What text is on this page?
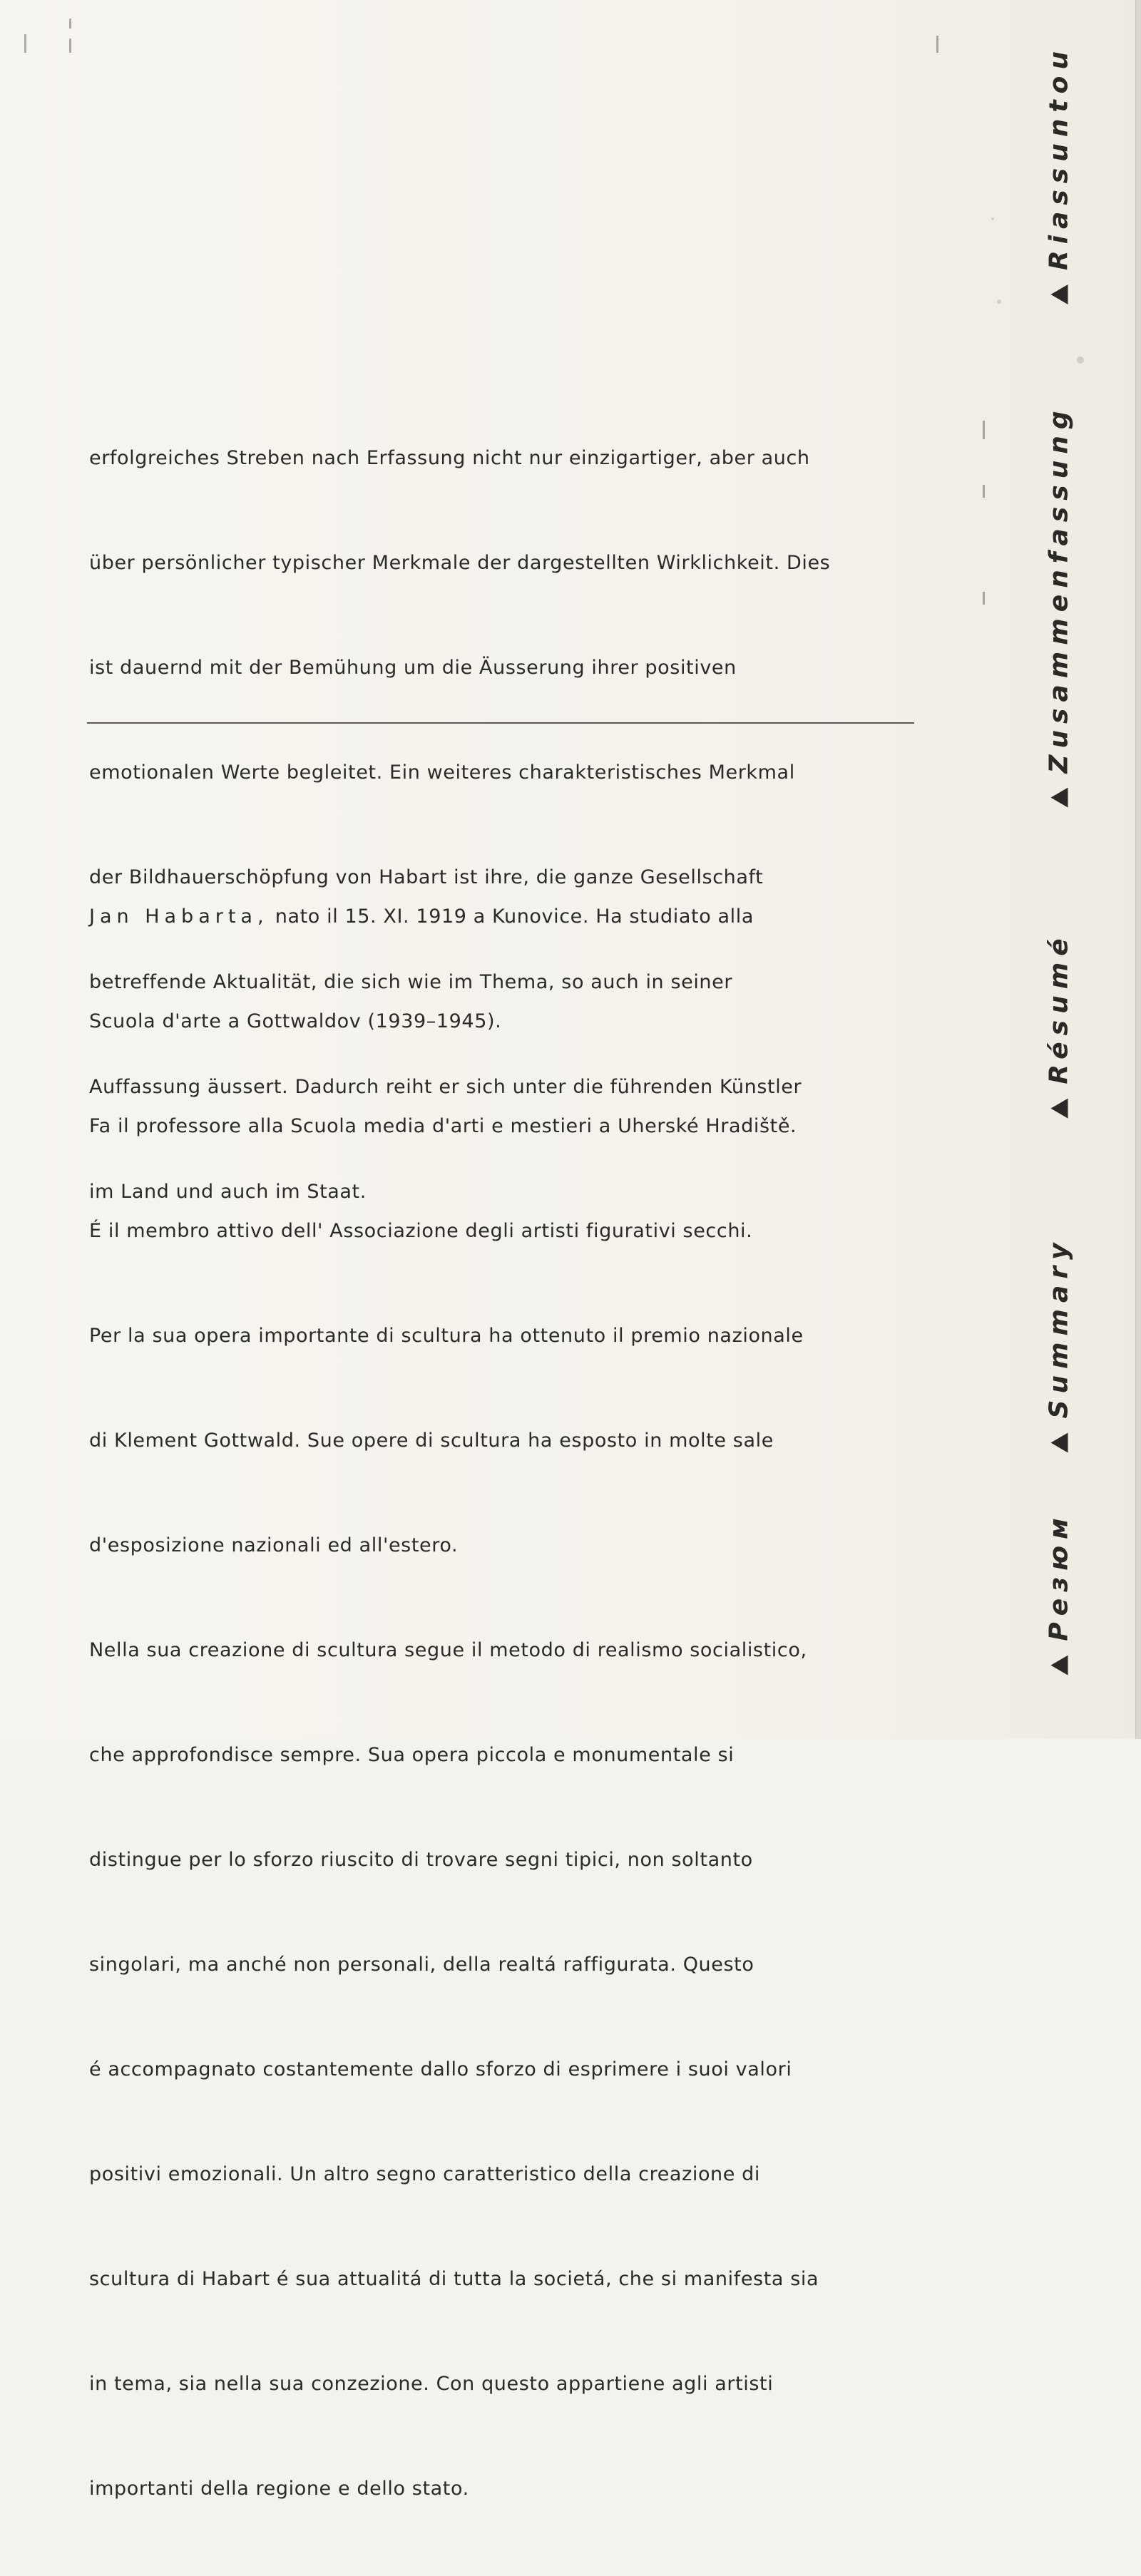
erfolgreiches Streben nach Erfassung nicht nur einzigartiger, aber auch

über persönlicher typischer Merkmale der dargestellten Wirklichkeit. Dies

ist dauernd mit der Bemühung um die Äusserung ihrer positiven

emotionalen Werte begleitet. Ein weiteres charakteristisches Merkmal

der Bildhauerschöpfung von Habart ist ihre, die ganze Gesellschaft

betreffende Aktualität, die sich wie im Thema, so auch in seiner

Auffassung äussert. Dadurch reiht er sich unter die führenden Künstler

im Land und auch im Staat.

Jan Habarta, nato il 15. XI. 1919 a Kunovice. Ha studiato alla

Scuola d'arte a Gottwaldov (1939–1945).

Fa il professore alla Scuola media d'arti e mestieri a Uherské Hradiště.

É il membro attivo dell' Associazione degli artisti figurativi secchi.

Per la sua opera importante di scultura ha ottenuto il premio nazionale

di Klement Gottwald. Sue opere di scultura ha esposto in molte sale

d'esposizione nazionali ed all'estero.

Nella sua creazione di scultura segue il metodo di realismo socialistico,

che approfondisce sempre. Sua opera piccola e monumentale si

distingue per lo sforzo riuscito di trovare segni tipici, non soltanto

singolari, ma anché non personali, della realtá raffigurata. Questo

é accompagnato costantemente dallo sforzo di esprimere i suoi valori

positivi emozionali. Un altro segno caratteristico della creazione di

scultura di Habart é sua attualitá di tutta la societá, che si manifesta sia

in tema, sia nella sua conzezione. Con questo appartiene agli artisti

importanti della regione e dello stato.

Riassuntou
Zusammenfassung
Résumé
Summary
Резюм
